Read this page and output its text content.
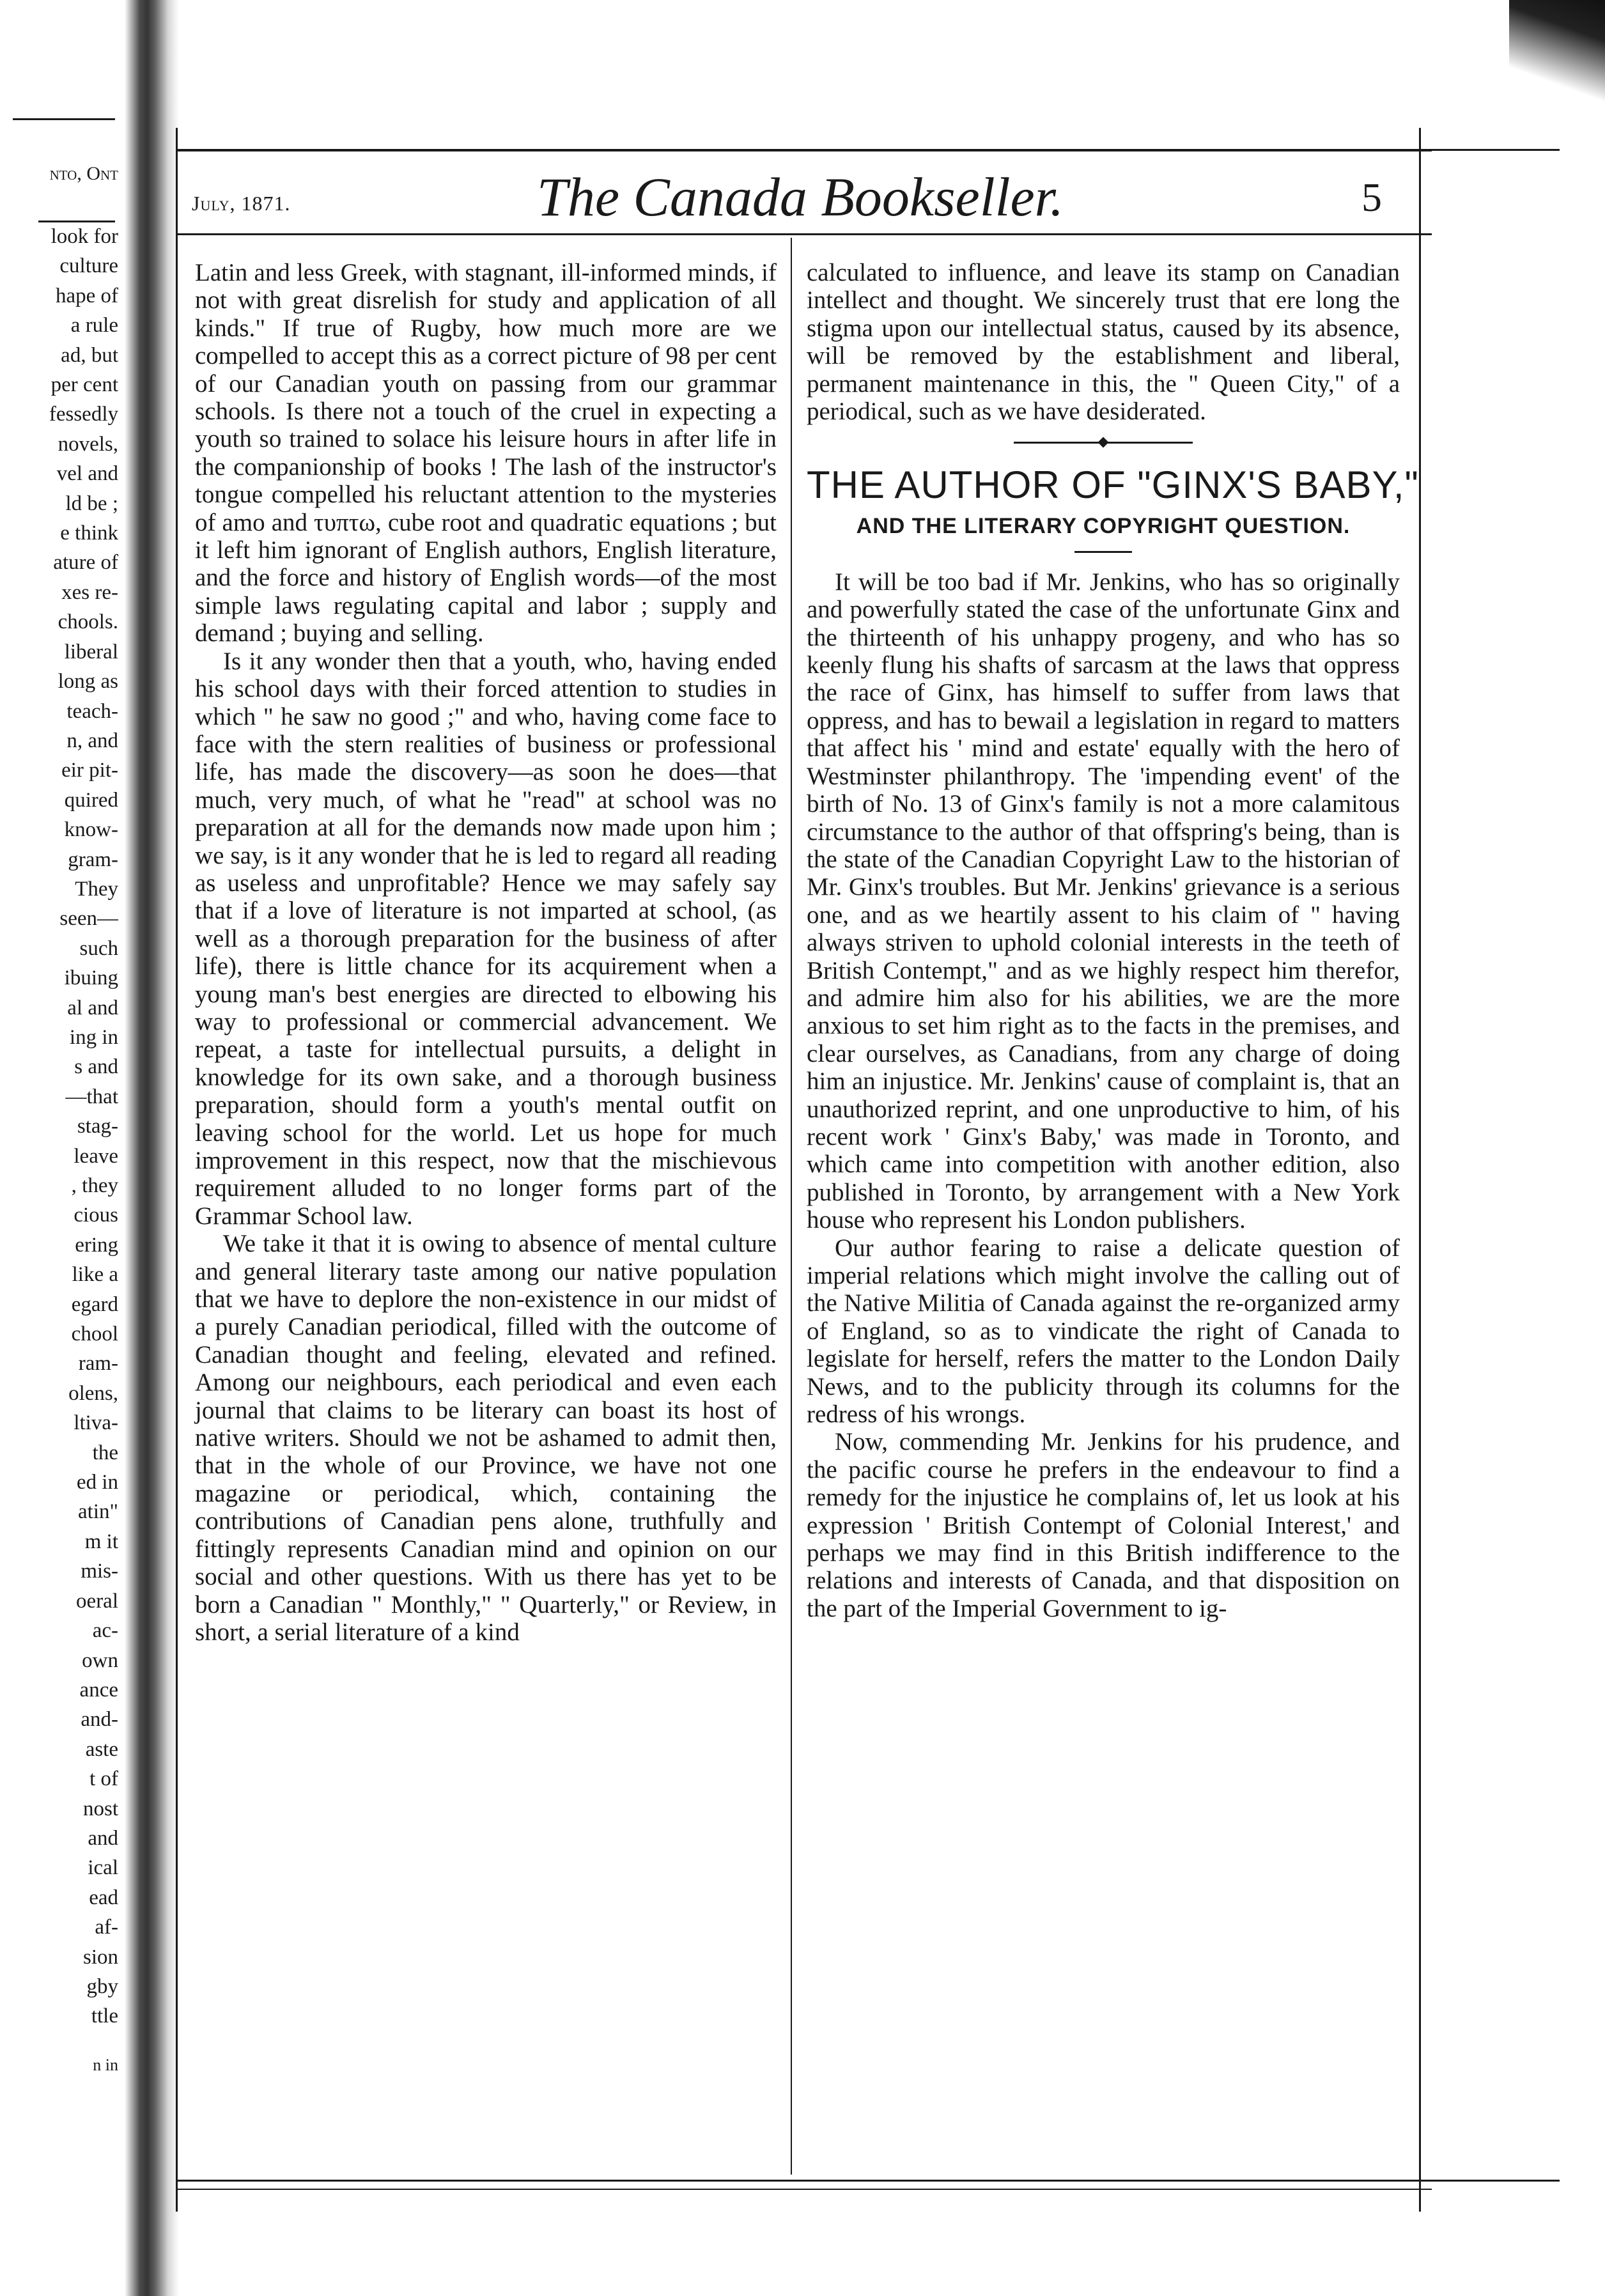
nto, Ont
look for
culture
hape of
a rule
ad, but
per cent
fessedly
novels,
vel and
ld be ;
e think
ature of
xes re-
chools.
liberal
long as
teach-
n, and
eir pit-
quired
know-
gram-
They
seen—
such
ibuing
al and
ing in
s and
—that
stag-
leave
, they
cious
ering
like a
egard
chool
ram-
olens,
ltiva-
the
ed in
atin"
m it
mis-
oeral
ac-
own
ance
and-
aste
t of
nost
and
ical
ead
af-
sion
gby
ttle
n in
July, 1871.	The Canada Bookseller.	5

Latin and less Greek, with stagnant, ill-informed minds, if not with great disrelish for study and application of all kinds." If true of Rugby, how much more are we compelled to accept this as a correct picture of 98 per cent of our Canadian youth on passing from our grammar schools. Is there not a touch of the cruel in expecting a youth so trained to solace his leisure hours in after life in the companionship of books ! The lash of the instructor's tongue compelled his reluctant attention to the mysteries of amo and τυπτω, cube root and quadratic equations ; but it left him ignorant of English authors, English literature, and the force and history of English words—of the most simple laws regulating capital and labor ; supply and demand ; buying and selling.

Is it any wonder then that a youth, who, having ended his school days with their forced attention to studies in which " he saw no good ;" and who, having come face to face with the stern realities of business or professional life, has made the discovery—as soon he does—that much, very much, of what he "read" at school was no preparation at all for the demands now made upon him ; we say, is it any wonder that he is led to regard all reading as useless and unprofitable? Hence we may safely say that if a love of literature is not imparted at school, (as well as a thorough preparation for the business of after life), there is little chance for its acquirement when a young man's best energies are directed to elbowing his way to professional or commercial advancement. We repeat, a taste for intellectual pursuits, a delight in knowledge for its own sake, and a thorough business preparation, should form a youth's mental outfit on leaving school for the world. Let us hope for much improvement in this respect, now that the mischievous requirement alluded to no longer forms part of the Grammar School law.

We take it that it is owing to absence of mental culture and general literary taste among our native population that we have to deplore the non-existence in our midst of a purely Canadian periodical, filled with the outcome of Canadian thought and feeling, elevated and refined. Among our neighbours, each periodical and even each journal that claims to be literary can boast its host of native writers. Should we not be ashamed to admit then, that in the whole of our Province, we have not one magazine or periodical, which, containing the contributions of Canadian pens alone, truthfully and fittingly represents Canadian mind and opinion on our social and other questions. With us there has yet to be born a Canadian " Monthly," " Quarterly," or Review, in short, a serial literature of a kind

calculated to influence, and leave its stamp on Canadian intellect and thought. We sincerely trust that ere long the stigma upon our intellectual status, caused by its absence, will be removed by the establishment and liberal, permanent maintenance in this, the " Queen City," of a periodical, such as we have desiderated.

THE AUTHOR OF "GINX'S BABY,"
AND THE LITERARY COPYRIGHT QUESTION.

It will be too bad if Mr. Jenkins, who has so originally and powerfully stated the case of the unfortunate Ginx and the thirteenth of his unhappy progeny, and who has so keenly flung his shafts of sarcasm at the laws that oppress the race of Ginx, has himself to suffer from laws that oppress, and has to bewail a legislation in regard to matters that affect his ' mind and estate' equally with the hero of Westminster philanthropy. The 'impending event' of the birth of No. 13 of Ginx's family is not a more calamitous circumstance to the author of that offspring's being, than is the state of the Canadian Copyright Law to the historian of Mr. Ginx's troubles. But Mr. Jenkins' grievance is a serious one, and as we heartily assent to his claim of " having always striven to uphold colonial interests in the teeth of British Contempt," and as we highly respect him therefor, and admire him also for his abilities, we are the more anxious to set him right as to the facts in the premises, and clear ourselves, as Canadians, from any charge of doing him an injustice. Mr. Jenkins' cause of complaint is, that an unauthorized reprint, and one unproductive to him, of his recent work ' Ginx's Baby,' was made in Toronto, and which came into competition with another edition, also published in Toronto, by arrangement with a New York house who represent his London publishers.

Our author fearing to raise a delicate question of imperial relations which might involve the calling out of the Native Militia of Canada against the re-organized army of England, so as to vindicate the right of Canada to legislate for herself, refers the matter to the London Daily News, and to the publicity through its columns for the redress of his wrongs.

Now, commending Mr. Jenkins for his prudence, and the pacific course he prefers in the endeavour to find a remedy for the injustice he complains of, let us look at his expression ' British Contempt of Colonial Interest,' and perhaps we may find in this British indifference to the relations and interests of Canada, and that disposition on the part of the Imperial Government to ig-
